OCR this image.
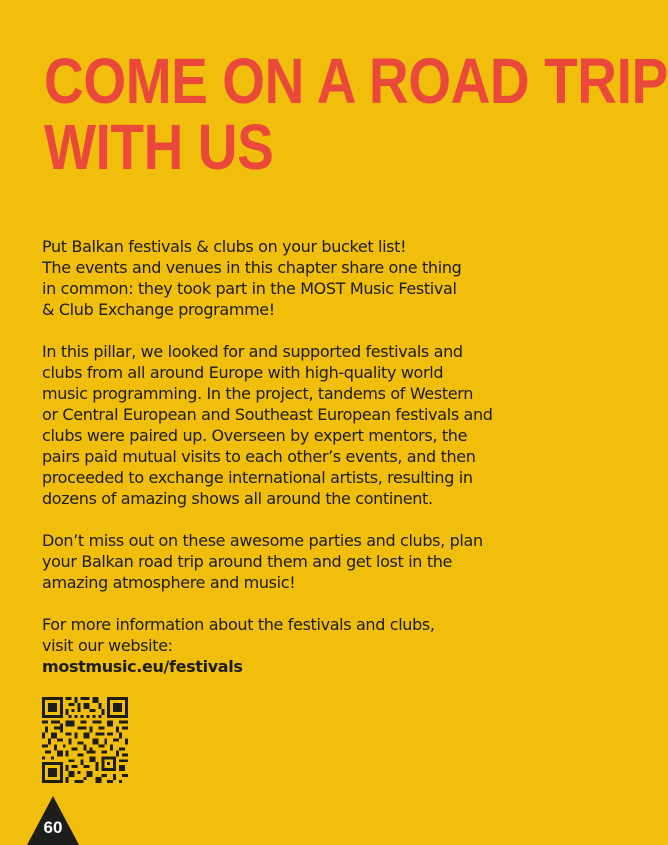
COME ON A ROAD TRIP
WITH US

Put Balkan festivals & clubs on your bucket list!
The events and venues in this chapter share one thing
in common: they took part in the MOST Music Festival
& Club Exchange programme!

In this pillar, we looked for and supported festivals and
clubs from all around Europe with high-quality world
music programming. In the project, tandems of Western
or Central European and Southeast European festivals and
clubs were paired up. Overseen by expert mentors, the
pairs paid mutual visits to each other’s events, and then
proceeded to exchange international artists, resulting in
dozens of amazing shows all around the continent.

Don’t miss out on these awesome parties and clubs, plan
your Balkan road trip around them and get lost in the
amazing atmosphere and music!

For more information about the festivals and clubs,
visit our website:
mostmusic.eu/festivals

60
